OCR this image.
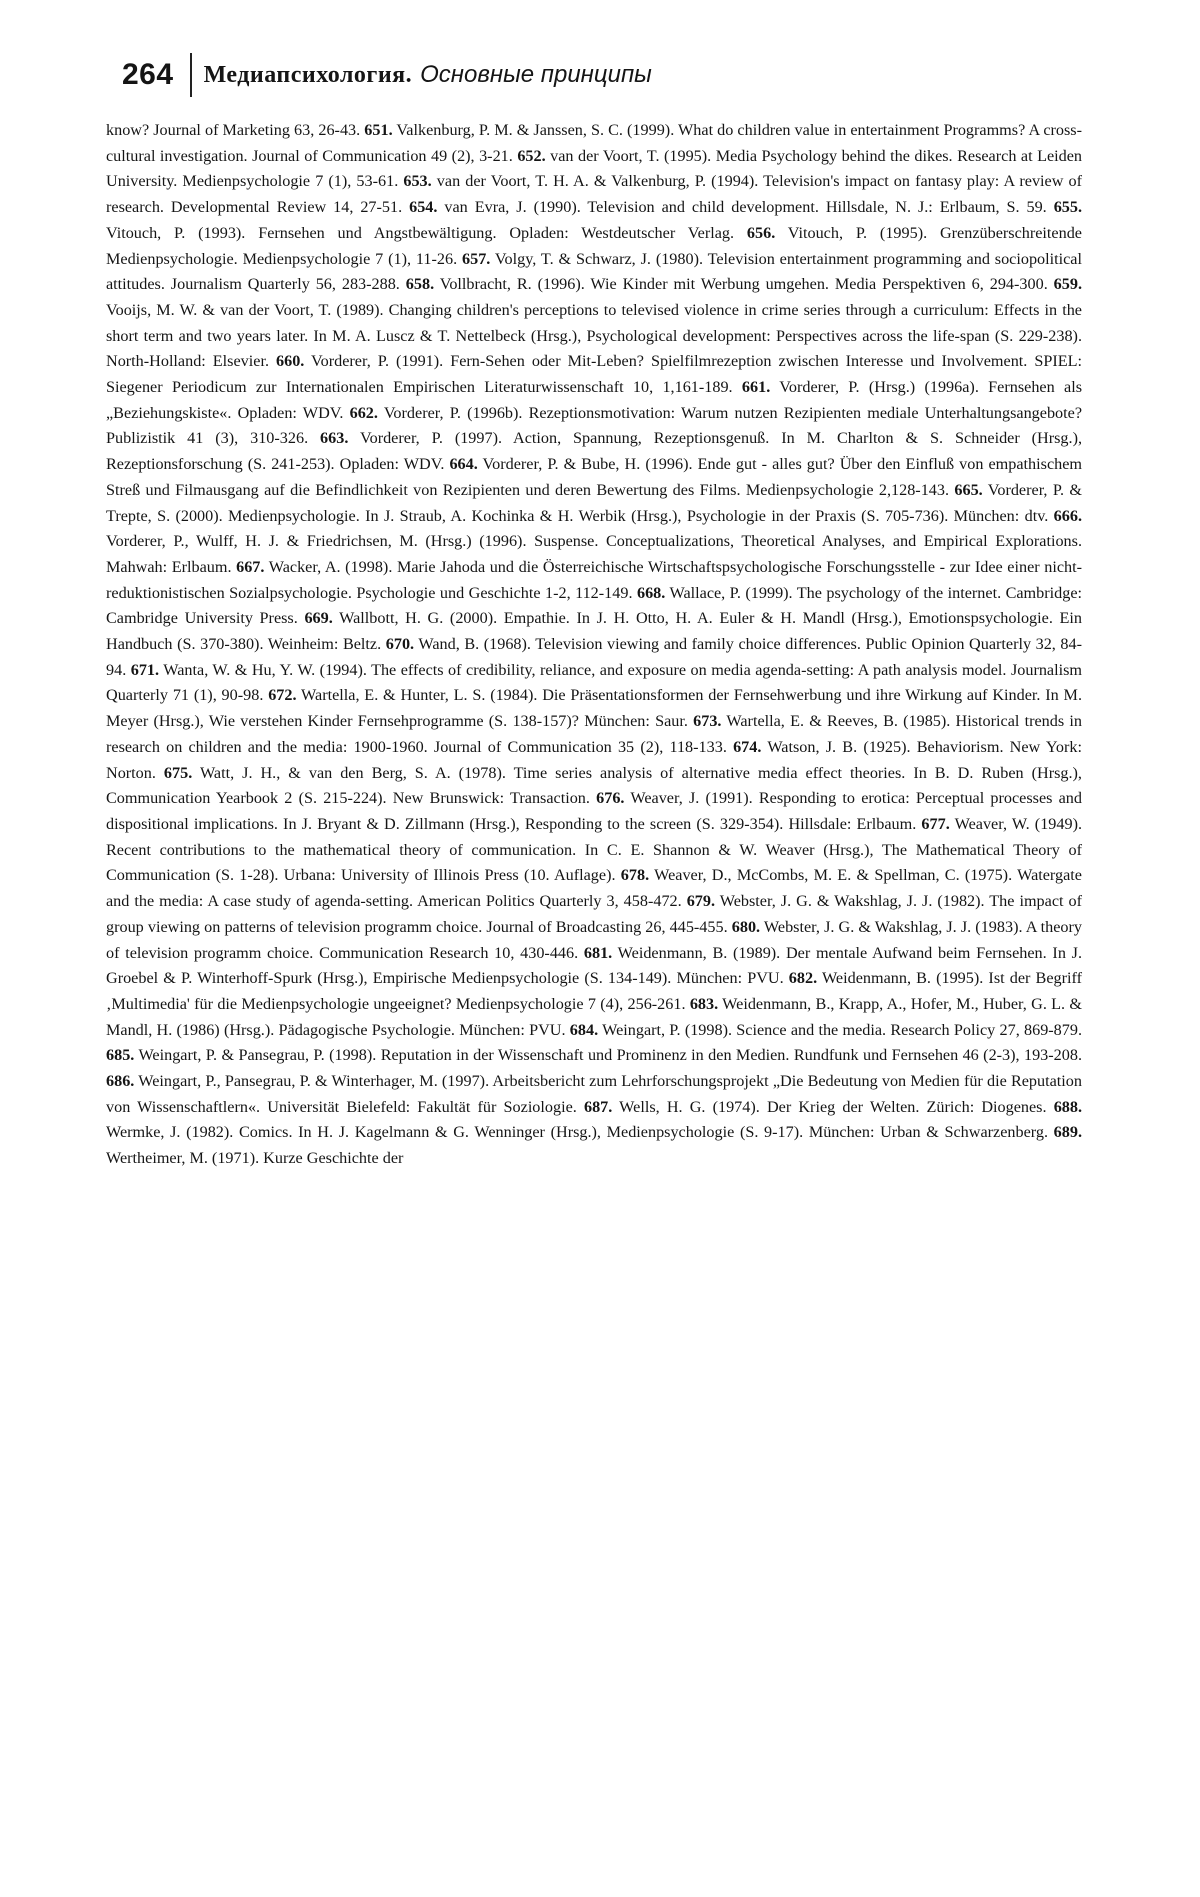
264	Медиапсихология. Основные принципы

know? Journal of Marketing 63, 26-43. 651. Valkenburg, P. M. & Janssen, S. C. (1999). What do children value in entertainment Programms? A cross-cultural investigation. Journal of Communication 49 (2), 3-21. 652. van der Voort, T. (1995). Media Psychology behind the dikes. Research at Leiden University. Medienpsychologie 7 (1), 53-61. 653. van der Voort, T. H. A. & Valkenburg, P. (1994). Television's impact on fantasy play: A review of research. Developmental Review 14, 27-51. 654. van Evra, J. (1990). Television and child development. Hillsdale, N. J.: Erlbaum, S. 59. 655. Vitouch, P. (1993). Fernsehen und Angstbewältigung. Opladen: Westdeutscher Verlag. 656. Vitouch, P. (1995). Grenzüberschreitende Medienpsychologie. Medienpsychologie 7 (1), 11-26. 657. Volgy, T. & Schwarz, J. (1980). Television entertainment programming and sociopolitical attitudes. Journalism Quarterly 56, 283-288. 658. Vollbracht, R. (1996). Wie Kinder mit Werbung umgehen. Media Perspektiven 6, 294-300. 659. Vooijs, M. W. & van der Voort, T. (1989). Changing children's perceptions to televised violence in crime series through a curriculum: Effects in the short term and two years later. In M. A. Luscz & T. Nettelbeck (Hrsg.), Psychological development: Perspectives across the life-span (S. 229-238). North-Holland: Elsevier. 660. Vorderer, P. (1991). Fern-Sehen oder Mit-Leben? Spielfilmrezeption zwischen Interesse und Involvement. SPIEL: Siegener Periodicum zur Internationalen Empirischen Literaturwissenschaft 10, 1,161-189. 661. Vorderer, P. (Hrsg.) (1996a). Fernsehen als „Beziehungskiste«. Opladen: WDV. 662. Vorderer, P. (1996b). Rezeptionsmotivation: Warum nutzen Rezipienten mediale Unterhaltungsangebote? Publizistik 41 (3), 310-326. 663. Vorderer, P. (1997). Action, Spannung, Rezeptionsgenuß. In M. Charlton & S. Schneider (Hrsg.), Rezeptionsforschung (S. 241-253). Opladen: WDV. 664. Vorderer, P. & Bube, H. (1996). Ende gut - alles gut? Über den Einfluß von empathischem Streß und Filmausgang auf die Befindlichkeit von Rezipienten und deren Bewertung des Films. Medienpsychologie 2,128-143. 665. Vorderer, P. & Trepte, S. (2000). Medienpsychologie. In J. Straub, A. Kochinka & H. Werbik (Hrsg.), Psychologie in der Praxis (S. 705-736). München: dtv. 666. Vorderer, P., Wulff, H. J. & Friedrichsen, M. (Hrsg.) (1996). Suspense. Conceptualizations, Theoretical Analyses, and Empirical Explorations. Mahwah: Erlbaum. 667. Wacker, A. (1998). Marie Jahoda und die Österreichische Wirtschaftspsychologische Forschungsstelle - zur Idee einer nicht-reduktionistischen Sozialpsychologie. Psychologie und Geschichte 1-2, 112-149. 668. Wallace, P. (1999). The psychology of the internet. Cambridge: Cambridge University Press. 669. Wallbott, H. G. (2000). Empathie. In J. H. Otto, H. A. Euler & H. Mandl (Hrsg.), Emotionspsychologie. Ein Handbuch (S. 370-380). Weinheim: Beltz. 670. Wand, B. (1968). Television viewing and family choice differences. Public Opinion Quarterly 32, 84-94. 671. Wanta, W. & Hu, Y. W. (1994). The effects of credibility, reliance, and exposure on media agenda-setting: A path analysis model. Journalism Quarterly 71 (1), 90-98. 672. Wartella, E. & Hunter, L. S. (1984). Die Präsentationsformen der Fernsehwerbung und ihre Wirkung auf Kinder. In M. Meyer (Hrsg.), Wie verstehen Kinder Fernsehprogramme (S. 138-157)? München: Saur. 673. Wartella, E. & Reeves, B. (1985). Historical trends in research on children and the media: 1900-1960. Journal of Communication 35 (2), 118-133. 674. Watson, J. B. (1925). Behaviorism. New York: Norton. 675. Watt, J. H., & van den Berg, S. A. (1978). Time series analysis of alternative media effect theories. In B. D. Ruben (Hrsg.), Communication Yearbook 2 (S. 215-224). New Brunswick: Transaction. 676. Weaver, J. (1991). Responding to erotica: Perceptual processes and dispositional implications. In J. Bryant & D. Zillmann (Hrsg.), Responding to the screen (S. 329-354). Hillsdale: Erlbaum. 677. Weaver, W. (1949). Recent contributions to the mathematical theory of communication. In C. E. Shannon & W. Weaver (Hrsg.), The Mathematical Theory of Communication (S. 1-28). Urbana: University of Illinois Press (10. Auflage). 678. Weaver, D., McCombs, M. E. & Spellman, C. (1975). Watergate and the media: A case study of agenda-setting. American Politics Quarterly 3, 458-472. 679. Webster, J. G. & Wakshlag, J. J. (1982). The impact of group viewing on patterns of television programm choice. Journal of Broadcasting 26, 445-455. 680. Webster, J. G. & Wakshlag, J. J. (1983). A theory of television programm choice. Communication Research 10, 430-446. 681. Weidenmann, B. (1989). Der mentale Aufwand beim Fernsehen. In J. Groebel & P. Winterhoff-Spurk (Hrsg.), Empirische Medienpsychologie (S. 134-149). München: PVU. 682. Weidenmann, B. (1995). Ist der Begriff ‚Multimedia' für die Medienpsychologie ungeeignet? Medienpsychologie 7 (4), 256-261. 683. Weidenmann, B., Krapp, A., Hofer, M., Huber, G. L. & Mandl, H. (1986) (Hrsg.). Pädagogische Psychologie. München: PVU. 684. Weingart, P. (1998). Science and the media. Research Policy 27, 869-879. 685. Weingart, P. & Pansegrau, P. (1998). Reputation in der Wissenschaft und Prominenz in den Medien. Rundfunk und Fernsehen 46 (2-3), 193-208. 686. Weingart, P., Pansegrau, P. & Winterhager, M. (1997). Arbeitsbericht zum Lehrforschungsprojekt „Die Bedeutung von Medien für die Reputation von Wissenschaftlern«. Universität Bielefeld: Fakultät für Soziologie. 687. Wells, H. G. (1974). Der Krieg der Welten. Zürich: Diogenes. 688. Wermke, J. (1982). Comics. In H. J. Kagelmann & G. Wenninger (Hrsg.), Medienpsychologie (S. 9-17). München: Urban & Schwarzenberg. 689. Wertheimer, M. (1971). Kurze Geschichte der
